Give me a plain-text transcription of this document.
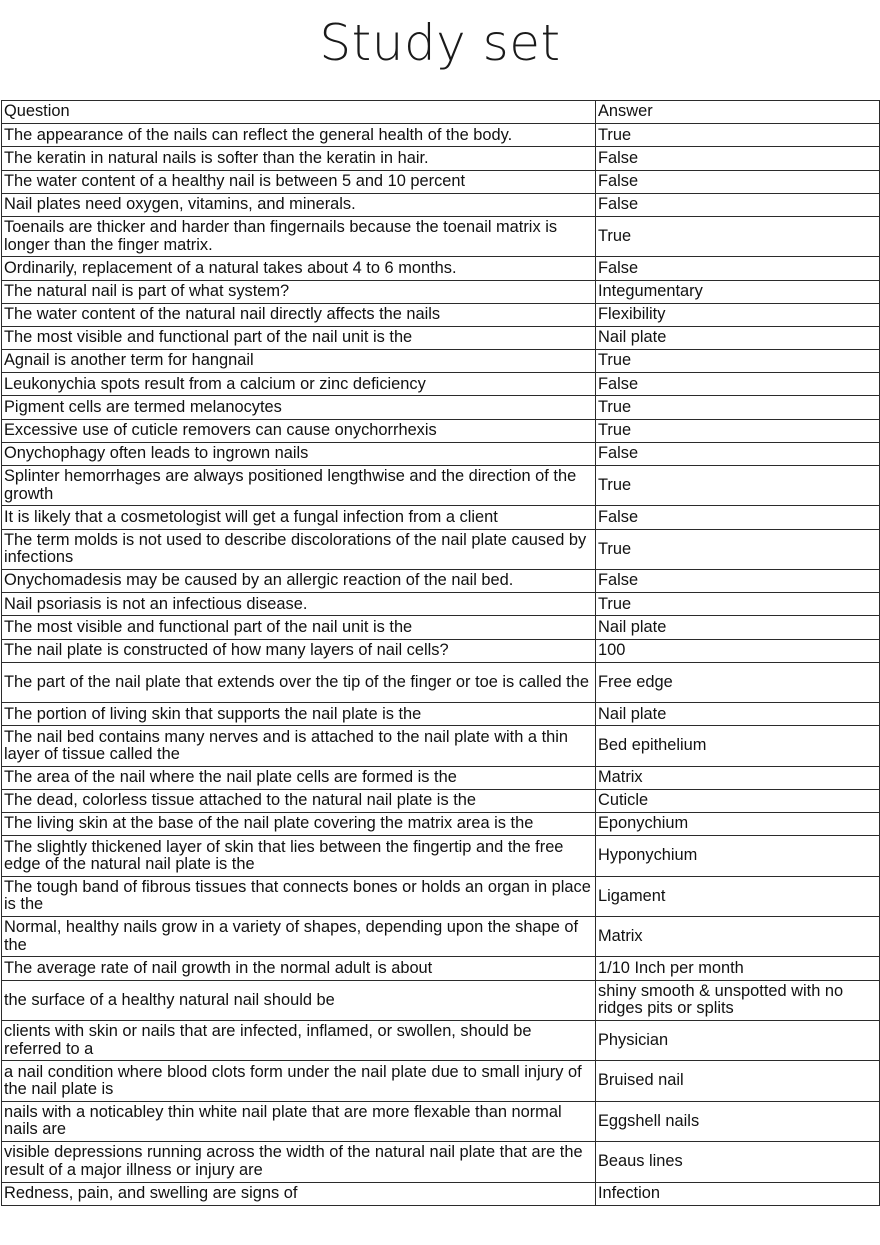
Study set
Question	Answer
The appearance of the nails can reflect the general health of the body.	True
The keratin in natural nails is softer than the keratin in hair.	False
The water content of a healthy nail is between 5 and 10 percent	False
Nail plates need oxygen, vitamins, and minerals.	False
Toenails are thicker and harder than fingernails because the toenail matrix is longer than the finger matrix.	True
Ordinarily, replacement of a natural takes about 4 to 6 months.	False
The natural nail is part of what system?	Integumentary
The water content of the natural nail directly affects the nails	Flexibility
The most visible and functional part of the nail unit is the	Nail plate
Agnail is another term for hangnail	True
Leukonychia spots result from a calcium or zinc deficiency	False
Pigment cells are termed melanocytes	True
Excessive use of cuticle removers can cause onychorrhexis	True
Onychophagy often leads to ingrown nails	False
Splinter hemorrhages are always positioned lengthwise and the direction of the growth	True
It is likely that a cosmetologist will get a fungal infection from a client	False
The term molds is not used to describe discolorations of the nail plate caused by infections	True
Onychomadesis may be caused by an allergic reaction of the nail bed.	False
Nail psoriasis is not an infectious disease.	True
The most visible and functional part of the nail unit is the	Nail plate
The nail plate is constructed of how many layers of nail cells?	100
The part of the nail plate that extends over the tip of the finger or toe is called the	Free edge
The portion of living skin that supports the nail plate is the	Nail plate
The nail bed contains many nerves and is attached to the nail plate with a thin layer of tissue called the	Bed epithelium
The area of the nail where the nail plate cells are formed is the	Matrix
The dead, colorless tissue attached to the natural nail plate is the	Cuticle
The living skin at the base of the nail plate covering the matrix area is the	Eponychium
The slightly thickened layer of skin that lies between the fingertip and the free edge of the natural nail plate is the	Hyponychium
The tough band of fibrous tissues that connects bones or holds an organ in place is the	Ligament
Normal, healthy nails grow in a variety of shapes, depending upon the shape of the	Matrix
The average rate of nail growth in the normal adult is about	1/10 Inch per month
the surface of a healthy natural nail should be	shiny smooth & unspotted with no ridges pits or splits
clients with skin or nails that are infected, inflamed, or swollen, should be referred to a	Physician
a nail condition where blood clots form under the nail plate due to small injury of the nail plate is	Bruised nail
nails with a noticabley thin white nail plate that are more flexable than normal nails are	Eggshell nails
visible depressions running across the width of the natural nail plate that are the result of a major illness or injury are	Beaus lines
Redness, pain, and swelling are signs of	Infection
